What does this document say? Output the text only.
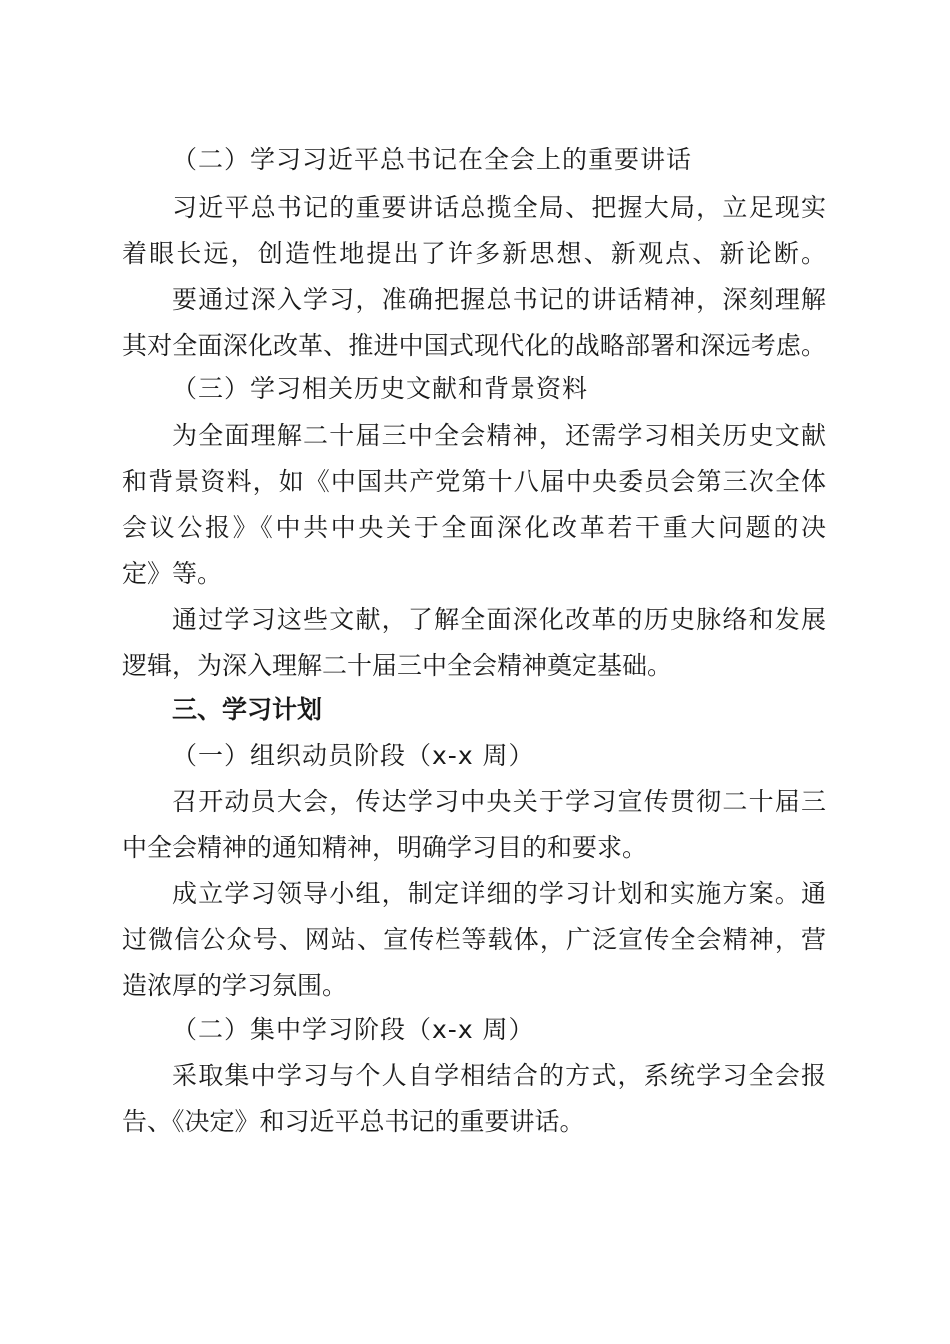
（二）学习习近平总书记在全会上的重要讲话
习近平总书记的重要讲话总揽全局、把握大局，立足现实
着眼长远，创造性地提出了许多新思想、新观点、新论断。
要通过深入学习，准确把握总书记的讲话精神，深刻理解
其对全面深化改革、推进中国式现代化的战略部署和深远考虑。
（三）学习相关历史文献和背景资料
为全面理解二十届三中全会精神，还需学习相关历史文献
和背景资料，如《中国共产党第十八届中央委员会第三次全体
会议公报》《中共中央关于全面深化改革若干重大问题的决
定》等。
通过学习这些文献，了解全面深化改革的历史脉络和发展
逻辑，为深入理解二十届三中全会精神奠定基础。
三、学习计划
（一）组织动员阶段（x-x 周）
召开动员大会，传达学习中央关于学习宣传贯彻二十届三
中全会精神的通知精神，明确学习目的和要求。
成立学习领导小组，制定详细的学习计划和实施方案。通
过微信公众号、网站、宣传栏等载体，广泛宣传全会精神，营
造浓厚的学习氛围。
（二）集中学习阶段（x-x 周）
采取集中学习与个人自学相结合的方式，系统学习全会报
告、《决定》和习近平总书记的重要讲话。
